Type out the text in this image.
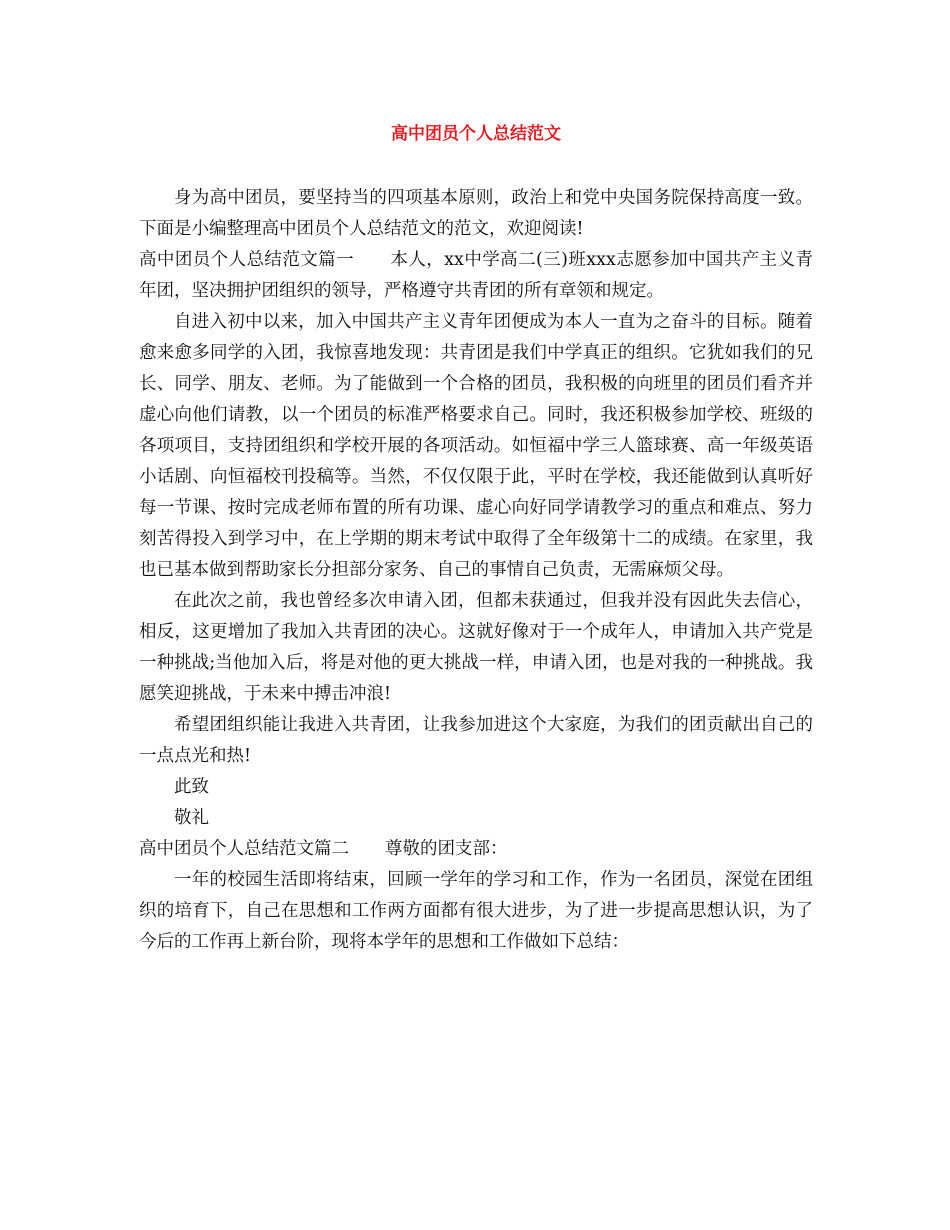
高中团员个人总结范文

身为高中团员，要坚持当的四项基本原则，政治上和党中央国务院保持高度一致。下面是小编整理高中团员个人总结范文的范文，欢迎阅读!

高中团员个人总结范文篇一 本人，xx中学高二(三)班xxx志愿参加中国共产主义青年团，坚决拥护团组织的领导，严格遵守共青团的所有章领和规定。

自进入初中以来，加入中国共产主义青年团便成为本人一直为之奋斗的目标。随着愈来愈多同学的入团，我惊喜地发现：共青团是我们中学真正的组织。它犹如我们的兄长、同学、朋友、老师。为了能做到一个合格的团员，我积极的向班里的团员们看齐并虚心向他们请教，以一个团员的标准严格要求自己。同时，我还积极参加学校、班级的各项项目，支持团组织和学校开展的各项活动。如恒福中学三人篮球赛、高一年级英语小话剧、向恒福校刊投稿等。当然，不仅仅限于此，平时在学校，我还能做到认真听好每一节课、按时完成老师布置的所有功课、虚心向好同学请教学习的重点和难点、努力刻苦得投入到学习中，在上学期的期末考试中取得了全年级第十二的成绩。在家里，我也已基本做到帮助家长分担部分家务、自己的事情自己负责，无需麻烦父母。

在此次之前，我也曾经多次申请入团，但都未获通过，但我并没有因此失去信心，相反，这更增加了我加入共青团的决心。这就好像对于一个成年人，申请加入共产党是一种挑战;当他加入后，将是对他的更大挑战一样，申请入团，也是对我的一种挑战。我愿笑迎挑战，于未来中搏击冲浪!

希望团组织能让我进入共青团，让我参加进这个大家庭，为我们的团贡献出自己的一点点光和热!

此致

敬礼

高中团员个人总结范文篇二 尊敬的团支部：

一年的校园生活即将结束，回顾一学年的学习和工作，作为一名团员，深觉在团组织的培育下，自己在思想和工作两方面都有很大进步，为了进一步提高思想认识，为了今后的工作再上新台阶，现将本学年的思想和工作做如下总结：
